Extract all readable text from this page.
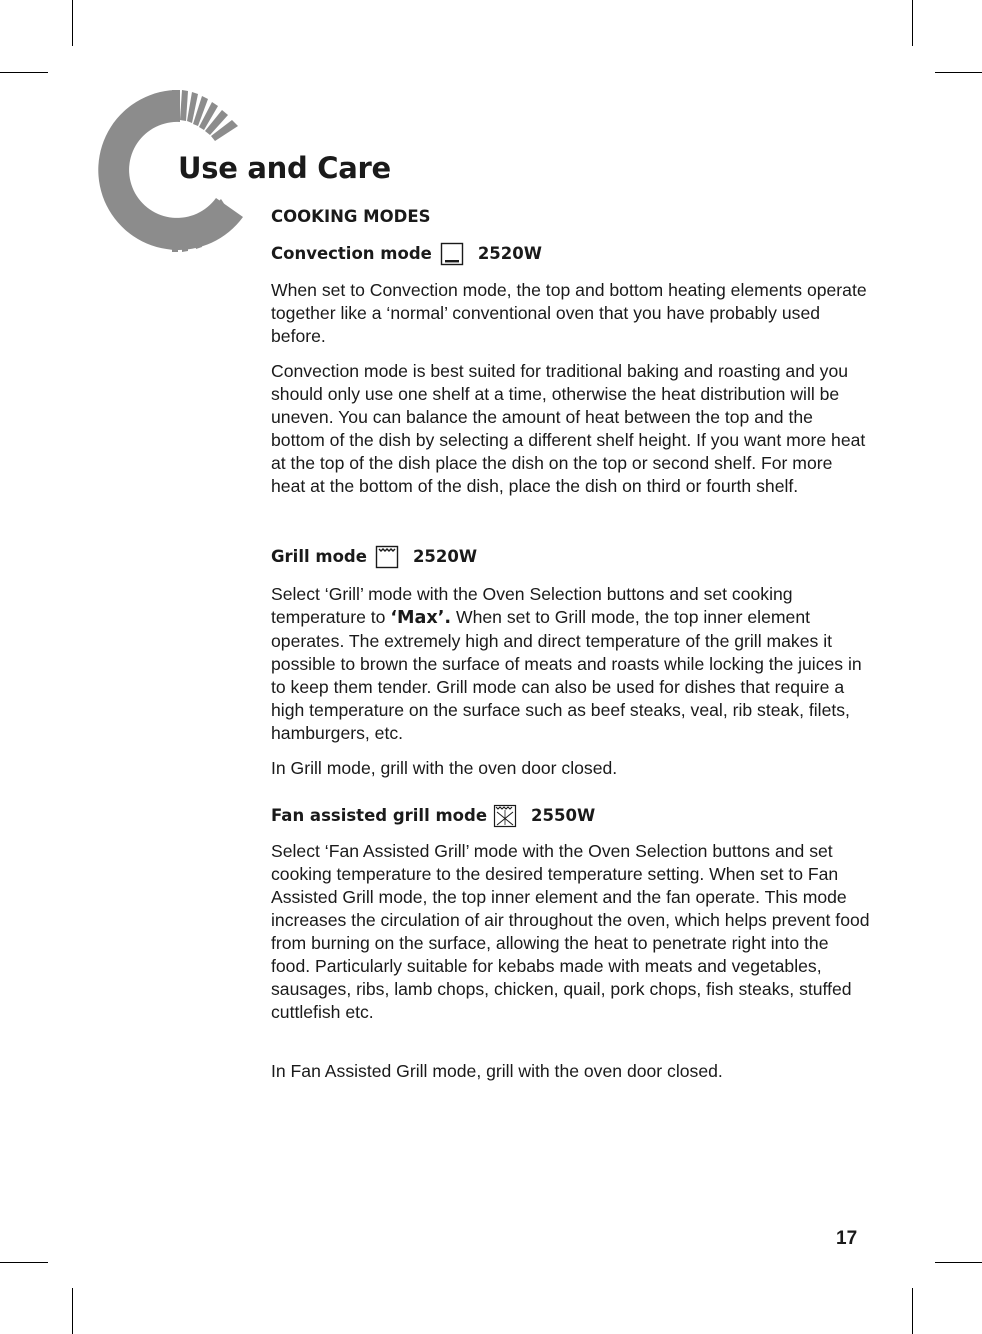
Use and Care
COOKING MODES
Convection mode	2520W

When set to Convection mode, the top and bottom heating elements operate together like a ‘normal’ conventional oven that you have probably used before.

Convection mode is best suited for traditional baking and roasting and you should only use one shelf at a time, otherwise the heat distribution will be uneven. You can balance the amount of heat between the top and the bottom of the dish by selecting a different shelf height. If you want more heat at the top of the dish place the dish on the top or second shelf. For more heat at the bottom of the dish, place the dish on third or fourth shelf.

Grill mode	2520W

Select ‘Grill’ mode with the Oven Selection buttons and set cooking temperature to ‘Max’. When set to Grill mode, the top inner element operates. The extremely high and direct temperature of the grill makes it possible to brown the surface of meats and roasts while locking the juices in to keep them tender. Grill mode can also be used for dishes that require a high temperature on the surface such as beef steaks, veal, rib steak, filets, hamburgers, etc.

In Grill mode, grill with the oven door closed.

Fan assisted grill mode	2550W

Select ‘Fan Assisted Grill’ mode with the Oven Selection buttons and set cooking temperature to the desired temperature setting. When set to Fan Assisted Grill mode, the top inner element and the fan operate. This mode increases the circulation of air throughout the oven, which helps prevent food from burning on the surface, allowing the heat to penetrate right into the food. Particularly suitable for kebabs made with meats and vegetables, sausages, ribs, lamb chops, chicken, quail, pork chops, fish steaks, stuffed cuttlefish etc.

In Fan Assisted Grill mode, grill with the oven door closed.

17
